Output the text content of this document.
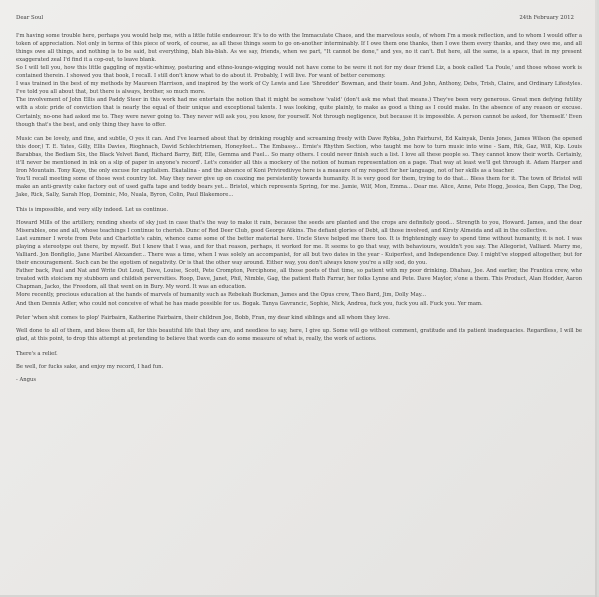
Dear Soul	24th February 2012

I'm having some trouble here, perhaps you would help me, with a little futile endeavour. It's to do with the Immaculate Chaos, and the marvelous souls, of whom I'm a meek reflection, and to whom I would offer a token of appreciation. Not only in terms of this piece of work, of course, as all these things seem to go on-another interminably. If I owe them one thanks, then I owe them every thanks, and they owe me, and all things owe all things, and nothing is to be said, but everything, blah bla-blah. As we say, friends, when we part, "It cannot be done," and yes, no it can't. But here, all the same, is a space, that in my present exaggerated zeal I'd find it a cop-out, to leave blank.
So I will tell you, how this little gaggling of mystic-whimsy, posturing and ethno-lounge-wigging would not have come to be were it not for my dear friend Liz, a book called 'La Foule,' and those whose work is contained therein. I showed you that book, I recall. I still don't know what to do about it. Probably, I will live. For want of better ceremony.
I was trained in the best of my methods by Maureen Harrison, and inspired by the work of Cy Lewis and Lee 'Shredder' Bowman, and their team. And John, Anthony, Debs, Trish, Claire, and Ordinary Lifestyles. I've told you all about that, but there is always, brother, so much more.
The involvement of John Ellis and Paddy Steer in this work had me entertain the notion that it might be somehow 'valid' (don't ask me what that means.) They've been very generous. Great men defying futility with a stoic pride of conviction that is nearly the equal of their unique and exceptional talents. I was looking, quite plainly, to make as good a thing as I could make. In the absence of any reason or excuse. Certainly, no-one had asked me to. They were never going to. They never will ask you, you know, for yourself. Not through negligence, but because it is impossible. A person cannot be asked, for 'themself.' Even though that's the best, and only thing they have to offer.

Music can be lovely, and fine, and subtle, O yes it can. And I've learned about that by drinking roughly and screaming freely with Dave Rybka, John Fairhurst, Ed Kainyak, Denis Jones, James Wilson (he opened this door,) T. E. Yates, Gilly, Ellis Davies, Rioghnach, David Schlechtriemen, Honeyfeet... The Embassy... Ernie's Rhythm Section, who taught me how to turn music into wine - Sam, Rik, Gaz, Will, Kip. Louis Barabbas, the Bedlam Six, the Black Velvet Band, Richard Barry, Biff, Elle, Gemma and Fuel... So many others. I could never finish such a list. I love all these people so. They cannot know their worth. Certainly, it'll never be mentioned in ink on a slip of paper in anyone's record'. Let's consider all this a mockery of the notion of human representation on a page. That way at least we'll get through it. Adam Harper and Iron Mountain. Tony Kaye, the only excuse for capitalism. Ekatalina - and the absence of Koni Privirediivye here is a measure of my respect for her language, not of her skills as a teacher.
You'll recall meeting some of those west country lot. May they never give up on coaxing me persistently towards humanity. It is very good for them, trying to do that... Bless them for it. The town of Bristol will make an anti-gravity cake factory out of used gaffa tape and teddy bears yet... Bristol, which represents Spring, for me. Jamie, Wilf, Mon, Emma... Dear me. Alice, Anne, Pete Hogg, Jessica, Ben Capp, The Dog, Jake, Rick, Sally, Sarah Hop, Dominic, Mo, Nuala, Byron, Colin, Paul Blakemore...

This is impossible, and very silly indeed. Let us continue.

Howard Mills of the artillery, rending sheets of sky just in case that's the way to make it rain, because the seeds are planted and the crops are definitely good... Strength to you, Howard. James, and the dear Miserables, one and all, whose teachings I continue to cherish. Dunc of Red Deer Club, good George Atkins. The defiant glories of Debt, all those involved, and Kirsty Almeida and all in the collective.
Last summer I wrote from Pete and Charlotte's cabin, whence came some of the better material here. Uncle Steve helped me there too. It is frighteningly easy to spend time without humanity, it is not. I was playing a stereotype out there, by myself. But I knew that I was, and for that reason, perhaps, it worked for me. It seems to go that way, with behaviours, wouldn't you say. The Allegorist, Valliard. Marry me, Valliard. Jon Bonfiglio, Jane Maribel Alexander... There was a time, when I was solely an accompanist, for all but two dates in the year - Kuiperfest, and Independence Day. I might've stopped altogether, but for their encouragement. Such can be the egotism of negativity. Or is that the other way around. Either way, you don't always know you're a silly sod, do you.
Father back, Paul and Nat and Write Out Loud, Dave, Louise, Scott, Pete Crompton, Perciphone, all those poets of that time, so patient with my poor drinking. Dhahau, Joe. And earlier, the Frantica crew, who treated with stoicism my stubborn and childish perversities. Roop, Dave, Janet, Phil, Nimble, Gag, the patient Ruth Farrar, her folks Lynne and Pete. Dave Maylor, s'one a them. This Product, Alan Hodder, Aaron Chapman, Jacko, the Freedom, all that went on in Bury. My word. It was an education.
More recently, precious education at the hands of marvels of humanity such as Rebekah Buckman, James and the Opus crew, Theo Bard, Jim, Dolly May...
And then Dennis Adler, who could not conceive of what he has made possible for us. Bogak. Tanya Gavrancic, Sophie, Nick, Andrea, fuck you, fuck you all. Fuck you. Yer mam.

Peter 'when shit comes to plop' Fairbairn, Katherine Fairbairn, their children Joe, Bobb, Fran, my dear kind siblings and all whom they love.

Well done to all of them, and bless them all, for this beautiful life that they are, and needless to say, here, I give up. Some will go without comment, gratitude and its patient inadequacies. Regardless, I will be glad, at this point, to drop this attempt at pretending to believe that words can do some measure of what is, really, the work of actions.

There's a relief.

Be well, for fucks sake, and enjoy my record, I had fun.

- Angus
